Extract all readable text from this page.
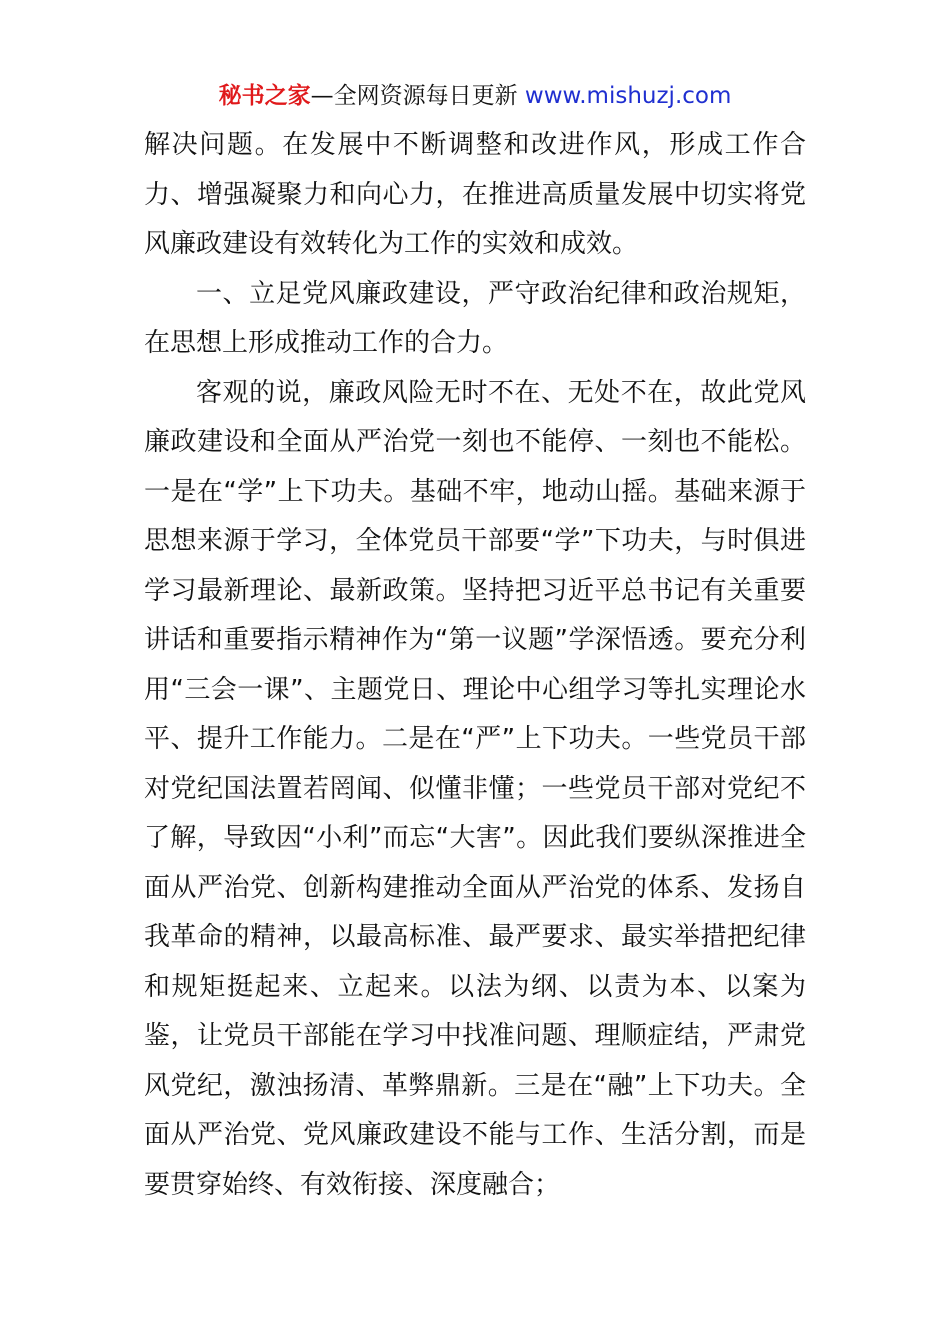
秘书之家—全网资源每日更新 www.mishuzj.com

解决问题。在发展中不断调整和改进作风，形成工作合力、增强凝聚力和向心力，在推进高质量发展中切实将党风廉政建设有效转化为工作的实效和成效。

一、立足党风廉政建设，严守政治纪律和政治规矩，在思想上形成推动工作的合力。

客观的说，廉政风险无时不在、无处不在，故此党风廉政建设和全面从严治党一刻也不能停、一刻也不能松。一是在“学”上下功夫。基础不牢，地动山摇。基础来源于思想来源于学习，全体党员干部要“学”下功夫，与时俱进学习最新理论、最新政策。坚持把习近平总书记有关重要讲话和重要指示精神作为“第一议题”学深悟透。要充分利用“三会一课”、主题党日、理论中心组学习等扎实理论水平、提升工作能力。二是在“严”上下功夫。一些党员干部对党纪国法置若罔闻、似懂非懂；一些党员干部对党纪不了解，导致因“小利”而忘“大害”。因此我们要纵深推进全面从严治党、创新构建推动全面从严治党的体系、发扬自我革命的精神，以最高标准、最严要求、最实举措把纪律和规矩挺起来、立起来。以法为纲、以责为本、以案为鉴，让党员干部能在学习中找准问题、理顺症结，严肃党风党纪，激浊扬清、革弊鼎新。三是在“融”上下功夫。全面从严治党、党风廉政建设不能与工作、生活分割，而是要贯穿始终、有效衔接、深度融合；
